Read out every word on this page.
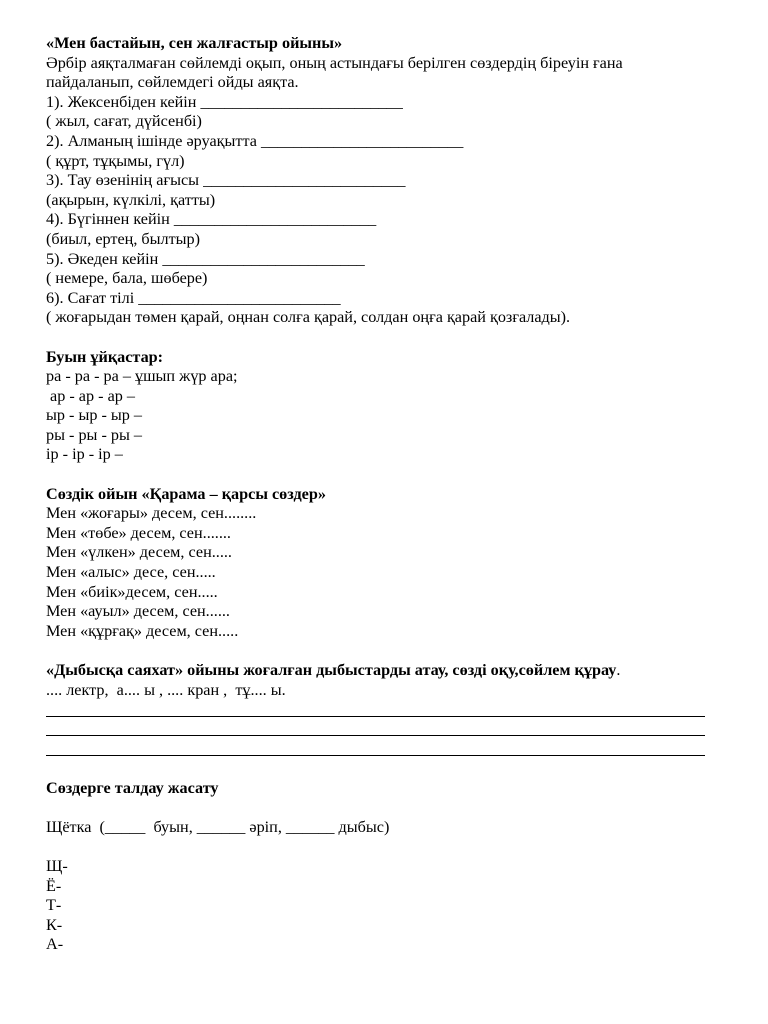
«Мен бастайын, сен жалғастыр ойыны»
Әрбір аяқталмаған сөйлемді оқып, оның астындағы берілген сөздердің біреуін ғана
пайдаланып, сөйлемдегі ойды аяқта.
1). Жексенбіден кейін _________________________
( жыл, сағат, дүйсенбі)
2). Алманың ішінде әруақытта _________________________
( құрт, тұқымы, гүл)
3). Тау өзенінің ағысы _________________________
(ақырын, күлкілі, қатты)
4). Бүгіннен кейін _________________________
(биыл, ертең, былтыр)
5). Әкеден кейін _________________________
( немере, бала, шөбере)
6). Сағат тілі _________________________
( жоғарыдан төмен қарай, оңнан солға қарай, солдан оңға қарай қозғалады).
Буын ұйқастар:
ра - ра - ра – ұшып жүр ара;
ар - ар - ар –
ыр - ыр - ыр –
ры - ры - ры –
ір - ір - ір –
Сөздік ойын «Қарама – қарсы сөздер»
Мен «жоғары» десем, сен........
Мен «төбе» десем, сен.......
Мен «үлкен» десем, сен.....
Мен «алыс» десе, сен.....
Мен «биік»десем, сен.....
Мен «ауыл» десем, сен......
Мен «құрғақ» десем, сен.....
«Дыбысқа саяхат» ойыны жоғалған дыбыстарды атау, сөзді оқу,сөйлем құрау.
.... лектр,  а.... ы , .... кран ,  тұ.... ы.
Сөздерге талдау жасату
Щётка  (_____  буын, ______ әріп, ______ дыбыс)
Щ-
Ё-
Т-
К-
А-
